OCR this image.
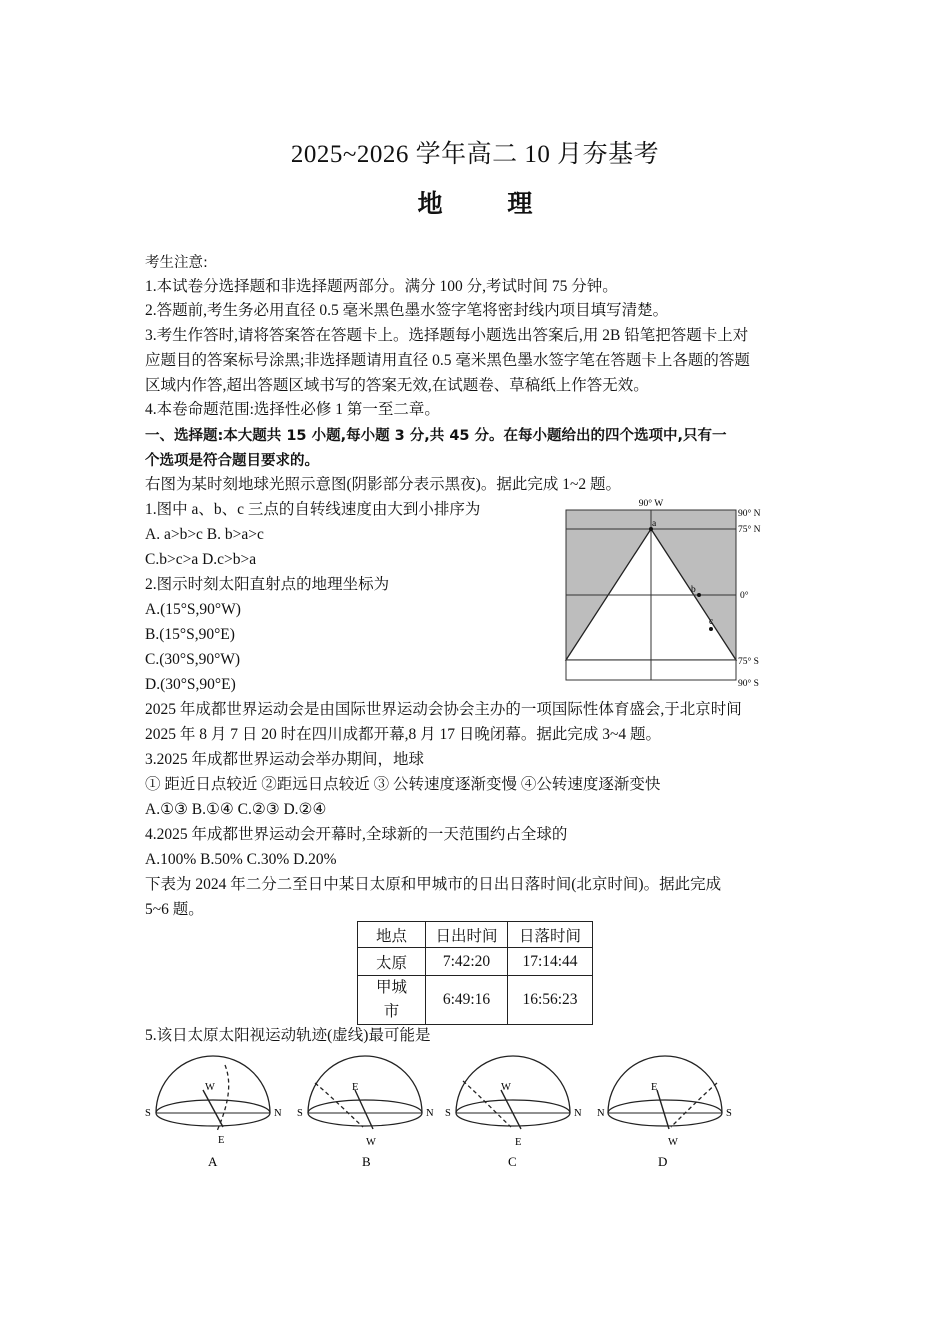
2025~2026 学年高二 10 月夯基考
地 理
考生注意:
1.本试卷分选择题和非选择题两部分。满分 100 分,考试时间 75 分钟。
2.答题前,考生务必用直径 0.5 毫米黑色墨水签字笔将密封线内项目填写清楚。
3.考生作答时,请将答案答在答题卡上。选择题每小题选出答案后,用 2B 铅笔把答题卡上对
应题目的答案标号涂黑;非选择题请用直径 0.5 毫米黑色墨水签字笔在答题卡上各题的答题
区域内作答,超出答题区域书写的答案无效,在试题卷、草稿纸上作答无效。
4.本卷命题范围:选择性必修 1 第一至二章。
一、选择题:本大题共 15 小题,每小题 3 分,共 45 分。在每小题给出的四个选项中,只有一
个选项是符合题目要求的。
右图为某时刻地球光照示意图(阴影部分表示黑夜)。据此完成 1~2 题。
1.图中 a、b、c 三点的自转线速度由大到小排序为
A. a>b>c B. b>a>c
C.b>c>a D.c>b>a
2.图示时刻太阳直射点的地理坐标为
A.(15°S,90°W)
B.(15°S,90°E)
C.(30°S,90°W)
D.(30°S,90°E)
90° W
90° N
75° N
0°
75° S
90° S
a
b
c
2025 年成都世界运动会是由国际世界运动会协会主办的一项国际性体育盛会,于北京时间
2025 年 8 月 7 日 20 时在四川成都开幕,8 月 17 日晚闭幕。据此完成 3~4 题。
3.2025 年成都世界运动会举办期间，地球
① 距近日点较近 ②距远日点较近 ③ 公转速度逐渐变慢 ④公转速度逐渐变快
A.①③ B.①④ C.②③ D.②④
4.2025 年成都世界运动会开幕时,全球新的一天范围约占全球的
A.100% B.50% C.30% D.20%
下表为 2024 年二分二至日中某日太原和甲城市的日出日落时间(北京时间)。据此完成
5~6 题。
地点	日出时间	日落时间
太原	7:42:20	17:14:44
甲城
市	6:49:16	16:56:23
5.该日太原太阳视运动轨迹(虚线)最可能是
S	N
W
E
A
S	N
E
W
B
S	N
W
E
C
N	S
E
W
D
